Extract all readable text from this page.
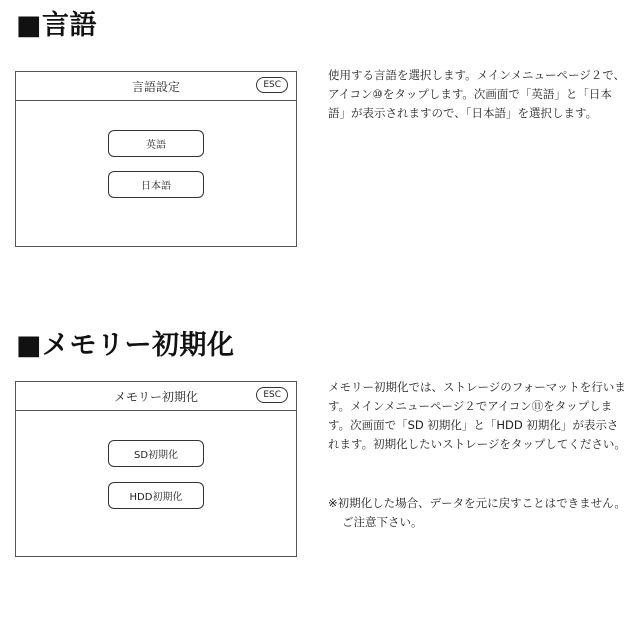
■言語
言語設定	ESC
英語
日本語

使用する言語を選択します。メインメニューページ２で、アイコン⑩をタップします。次画面で「英語」と「日本語」が表示されますので、「日本語」を選択します。

■メモリー初期化
メモリー初期化	ESC
SD初期化
HDD初期化

メモリー初期化では、ストレージのフォーマットを行います。メインメニューページ２でアイコン⑪をタップします。次画面で「SD 初期化」と「HDD 初期化」が表示されます。初期化したいストレージをタップしてください。

※初期化した場合、データを元に戻すことはできません。ご注意下さい。
